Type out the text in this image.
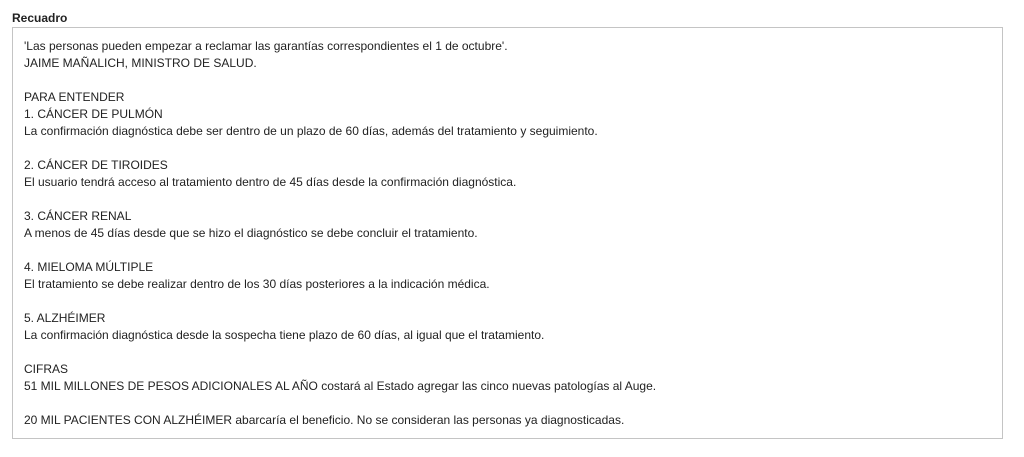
Recuadro
'Las personas pueden empezar a reclamar las garantías correspondientes el 1 de octubre'.
JAIME MAÑALICH, MINISTRO DE SALUD.
PARA ENTENDER
1. CÁNCER DE PULMÓN
La confirmación diagnóstica debe ser dentro de un plazo de 60 días, además del tratamiento y seguimiento.
2. CÁNCER DE TIROIDES
El usuario tendrá acceso al tratamiento dentro de 45 días desde la confirmación diagnóstica.
3. CÁNCER RENAL
A menos de 45 días desde que se hizo el diagnóstico se debe concluir el tratamiento.
4. MIELOMA MÚLTIPLE
El tratamiento se debe realizar dentro de los 30 días posteriores a la indicación médica.
5. ALZHÉIMER
La confirmación diagnóstica desde la sospecha tiene plazo de 60 días, al igual que el tratamiento.
CIFRAS
51 MIL MILLONES DE PESOS ADICIONALES AL AÑO costará al Estado agregar las cinco nuevas patologías al Auge.
20 MIL PACIENTES CON ALZHÉIMER abarcaría el beneficio. No se consideran las personas ya diagnosticadas.
